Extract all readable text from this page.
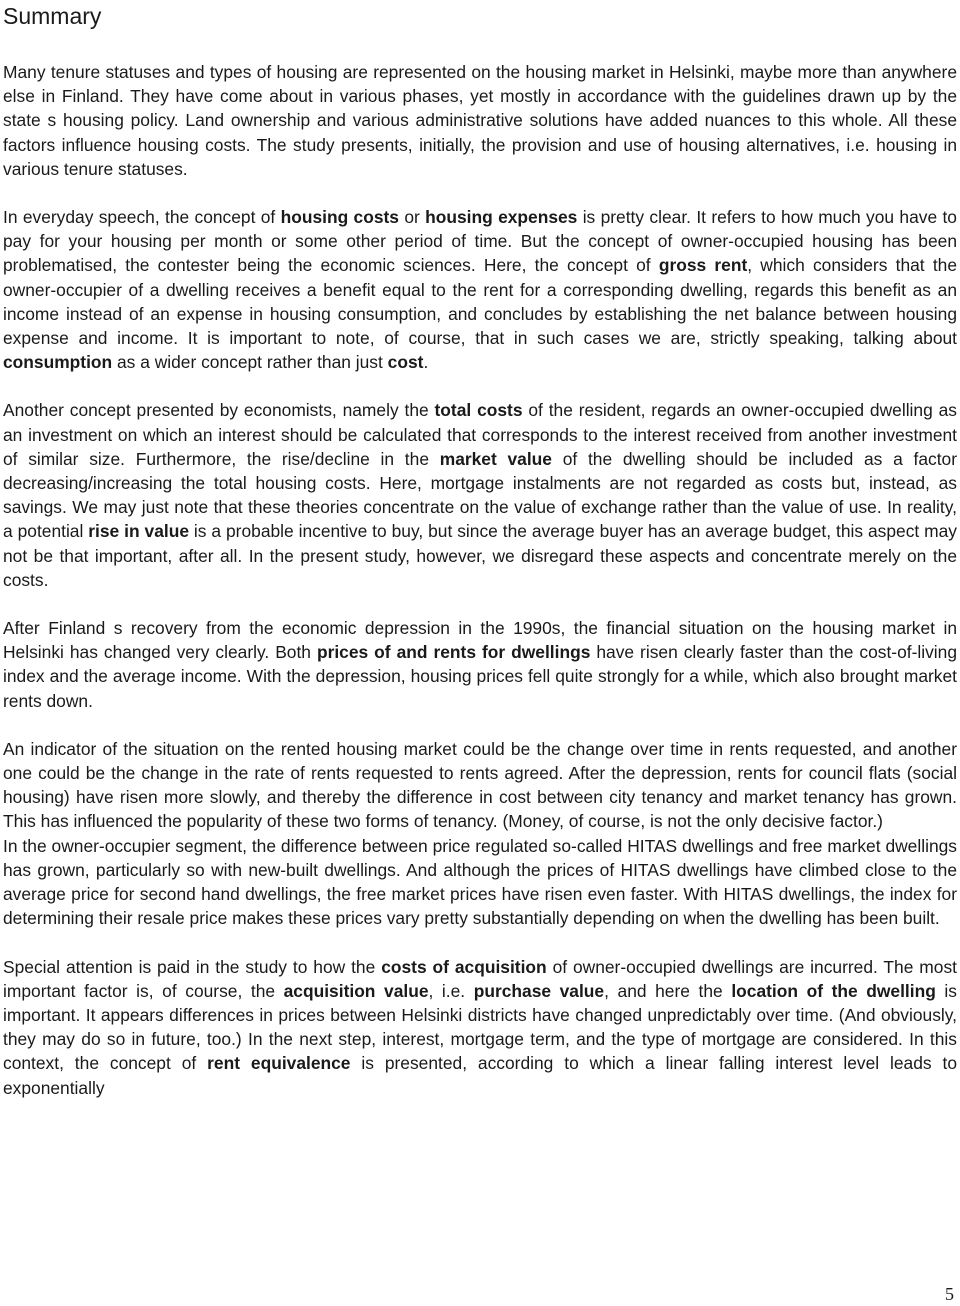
Summary

Many tenure statuses and types of housing are represented on the housing market in Helsinki, maybe more than anywhere else in Finland. They have come about in various phases, yet mostly in accordance with the guidelines drawn up by the state s housing policy. Land ownership and various administrative solutions have added nuances to this whole. All these factors influence housing costs. The study presents, initially, the provision and use of housing alternatives, i.e. housing in various tenure statuses.

In everyday speech, the concept of housing costs or housing expenses is pretty clear. It refers to how much you have to pay for your housing per month or some other period of time. But the concept of owner-occupied housing has been problematised, the contester being the economic sciences. Here, the concept of gross rent, which considers that the owner-occupier of a dwelling receives a benefit equal to the rent for a corresponding dwelling, regards this benefit as an income instead of an expense in housing consumption, and concludes by establishing the net balance between housing expense and income. It is important to note, of course, that in such cases we are, strictly speaking, talking about consumption as a wider concept rather than just cost.

Another concept presented by economists, namely the total costs of the resident, regards an owner-occupied dwelling as an investment on which an interest should be calculated that corresponds to the interest received from another investment of similar size. Furthermore, the rise/decline in the market value of the dwelling should be included as a factor decreasing/increasing the total housing costs. Here, mortgage instalments are not regarded as costs but, instead, as savings. We may just note that these theories concentrate on the value of exchange rather than the value of use. In reality, a potential rise in value is a probable incentive to buy, but since the average buyer has an average budget, this aspect may not be that important, after all. In the present study, however, we disregard these aspects and concentrate merely on the costs.

After Finland s recovery from the economic depression in the 1990s, the financial situation on the housing market in Helsinki has changed very clearly. Both prices of and rents for dwellings have risen clearly faster than the cost-of-living index and the average income. With the depression, housing prices fell quite strongly for a while, which also brought market rents down.

An indicator of the situation on the rented housing market could be the change over time in rents requested, and another one could be the change in the rate of rents requested to rents agreed. After the depression, rents for council flats (social housing) have risen more slowly, and thereby the difference in cost between city tenancy and market tenancy has grown. This has influenced the popularity of these two forms of tenancy. (Money, of course, is not the only decisive factor.)

In the owner-occupier segment, the difference between price regulated so-called HITAS dwellings and free market dwellings has grown, particularly so with new-built dwellings. And although the prices of HITAS dwellings have climbed close to the average price for second hand dwellings, the free market prices have risen even faster. With HITAS dwellings, the index for determining their resale price makes these prices vary pretty substantially depending on when the dwelling has been built.

Special attention is paid in the study to how the costs of acquisition of owner-occupied dwellings are incurred. The most important factor is, of course, the acquisition value, i.e. purchase value, and here the location of the dwelling is important. It appears differences in prices between Helsinki districts have changed unpredictably over time. (And obviously, they may do so in future, too.) In the next step, interest, mortgage term, and the type of mortgage are considered. In this context, the concept of rent equivalence is presented, according to which a linear falling interest level leads to exponentially

5
